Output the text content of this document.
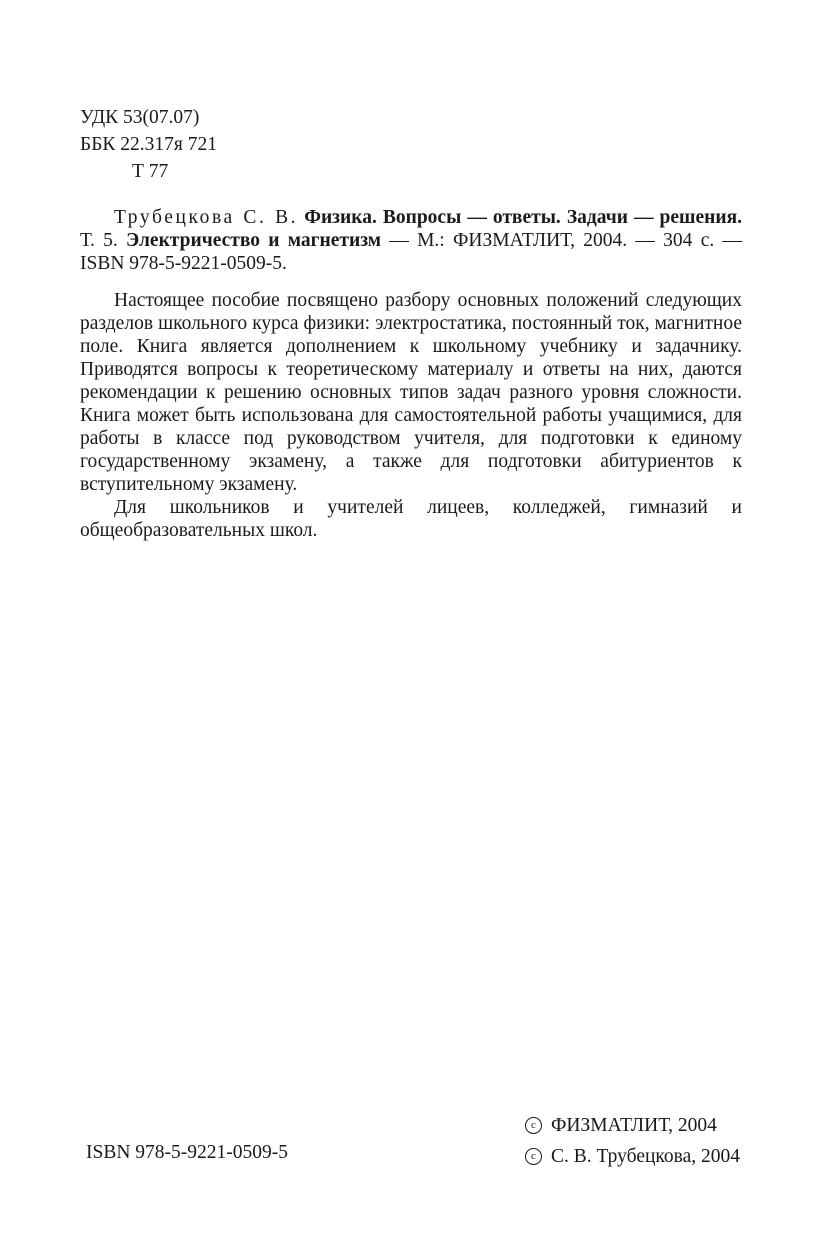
УДК 53(07.07)
ББК 22.317я 721
Т 77

Трубецкова С. В. Физика. Вопросы — ответы. Задачи — решения. Т. 5. Электричество и магнетизм — М.: ФИЗМАТЛИТ, 2004. — 304 с. — ISBN 978-5-9221-0509-5.

Настоящее пособие посвящено разбору основных положений следующих разделов школьного курса физики: электростатика, постоянный ток, магнитное поле. Книга является дополнением к школьному учебнику и задачнику. Приводятся вопросы к теоретическому материалу и ответы на них, даются рекомендации к решению основных типов задач разного уровня сложности. Книга может быть использована для самостоятельной работы учащимися, для работы в классе под руководством учителя, для подготовки к единому государственному экзамену, а также для подготовки абитуриентов к вступительному экзамену.

Для школьников и учителей лицеев, колледжей, гимназий и общеобразовательных школ.

ISBN 978-5-9221-0509-5
c ФИЗМАТЛИТ, 2004
c С. В. Трубецкова, 2004
